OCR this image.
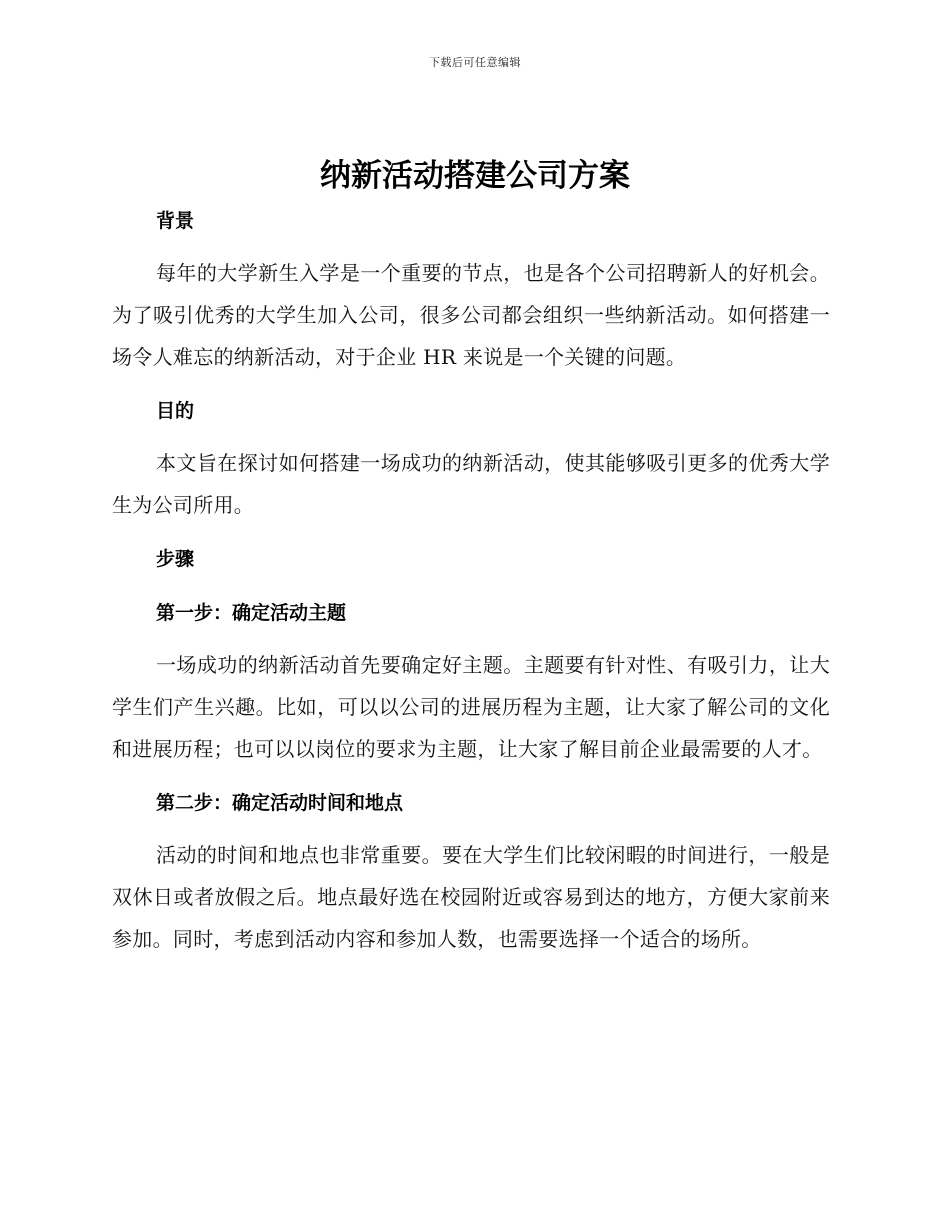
下载后可任意编辑
纳新活动搭建公司方案
背景

每年的大学新生入学是一个重要的节点，也是各个公司招聘新人的好机会。为了吸引优秀的大学生加入公司，很多公司都会组织一些纳新活动。如何搭建一场令人难忘的纳新活动，对于企业 HR 来说是一个关键的问题。

目的

本文旨在探讨如何搭建一场成功的纳新活动，使其能够吸引更多的优秀大学生为公司所用。

步骤
第一步：确定活动主题

一场成功的纳新活动首先要确定好主题。主题要有针对性、有吸引力，让大学生们产生兴趣。比如，可以以公司的进展历程为主题，让大家了解公司的文化和进展历程；也可以以岗位的要求为主题，让大家了解目前企业最需要的人才。

第二步：确定活动时间和地点

活动的时间和地点也非常重要。要在大学生们比较闲暇的时间进行，一般是双休日或者放假之后。地点最好选在校园附近或容易到达的地方，方便大家前来参加。同时，考虑到活动内容和参加人数，也需要选择一个适合的场所。
